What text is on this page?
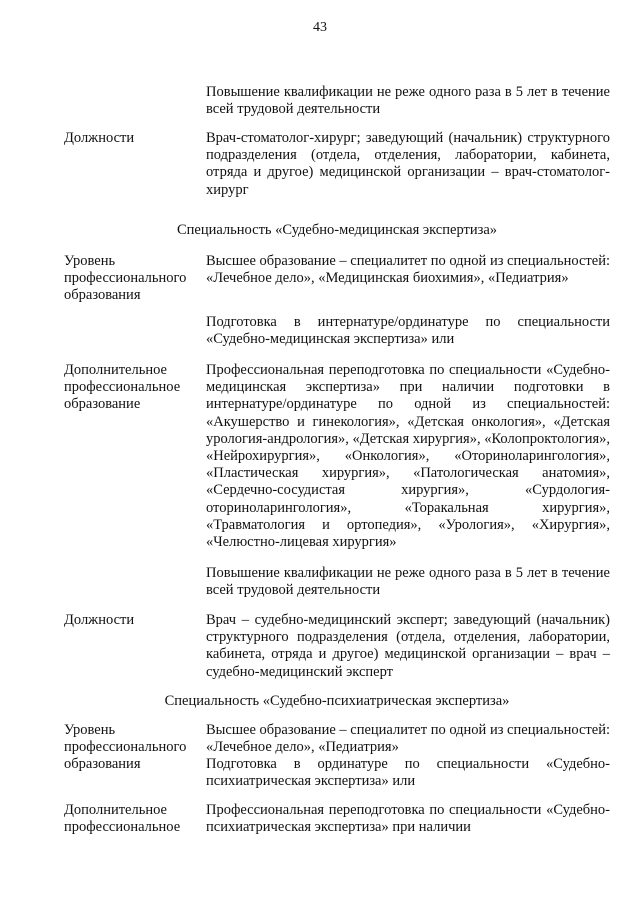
43
Повышение квалификации не реже одного раза в 5 лет в течение всей трудовой деятельности
Должности	Врач-стоматолог-хирург; заведующий (начальник) структурного подразделения (отдела, отделения, лаборатории, кабинета, отряда и другое) медицинской организации – врач-стоматолог-хирург
Специальность «Судебно-медицинская экспертиза»
Уровень профессионального образования
Высшее образование – специалитет по одной из специальностей: «Лечебное дело», «Медицинская биохимия», «Педиатрия»
Подготовка в интернатуре/ординатуре по специальности «Судебно-медицинская экспертиза» или
Дополнительное профессиональное образование
Профессиональная переподготовка по специальности «Судебно-медицинская экспертиза» при наличии подготовки в интернатуре/ординатуре по одной из специальностей: «Акушерство и гинекология», «Детская онкология», «Детская урология-андрология», «Детская хирургия», «Колопроктология», «Нейрохирургия», «Онкология», «Оториноларингология», «Пластическая хирургия», «Патологическая анатомия», «Сердечно-сосудистая хирургия», «Сурдология-оториноларингология», «Торакальная хирургия», «Травматология и ортопедия», «Урология», «Хирургия», «Челюстно-лицевая хирургия»
Повышение квалификации не реже одного раза в 5 лет в течение всей трудовой деятельности
Должности	Врач – судебно-медицинский эксперт; заведующий (начальник) структурного подразделения (отдела, отделения, лаборатории, кабинета, отряда и другое) медицинской организации – врач – судебно-медицинский эксперт
Специальность «Судебно-психиатрическая экспертиза»
Уровень профессионального образования
Высшее образование – специалитет по одной из специальностей: «Лечебное дело», «Педиатрия»
Подготовка в ординатуре по специальности «Судебно-психиатрическая экспертиза» или
Дополнительное профессиональное
Профессиональная переподготовка по специальности «Судебно-психиатрическая экспертиза» при наличии
